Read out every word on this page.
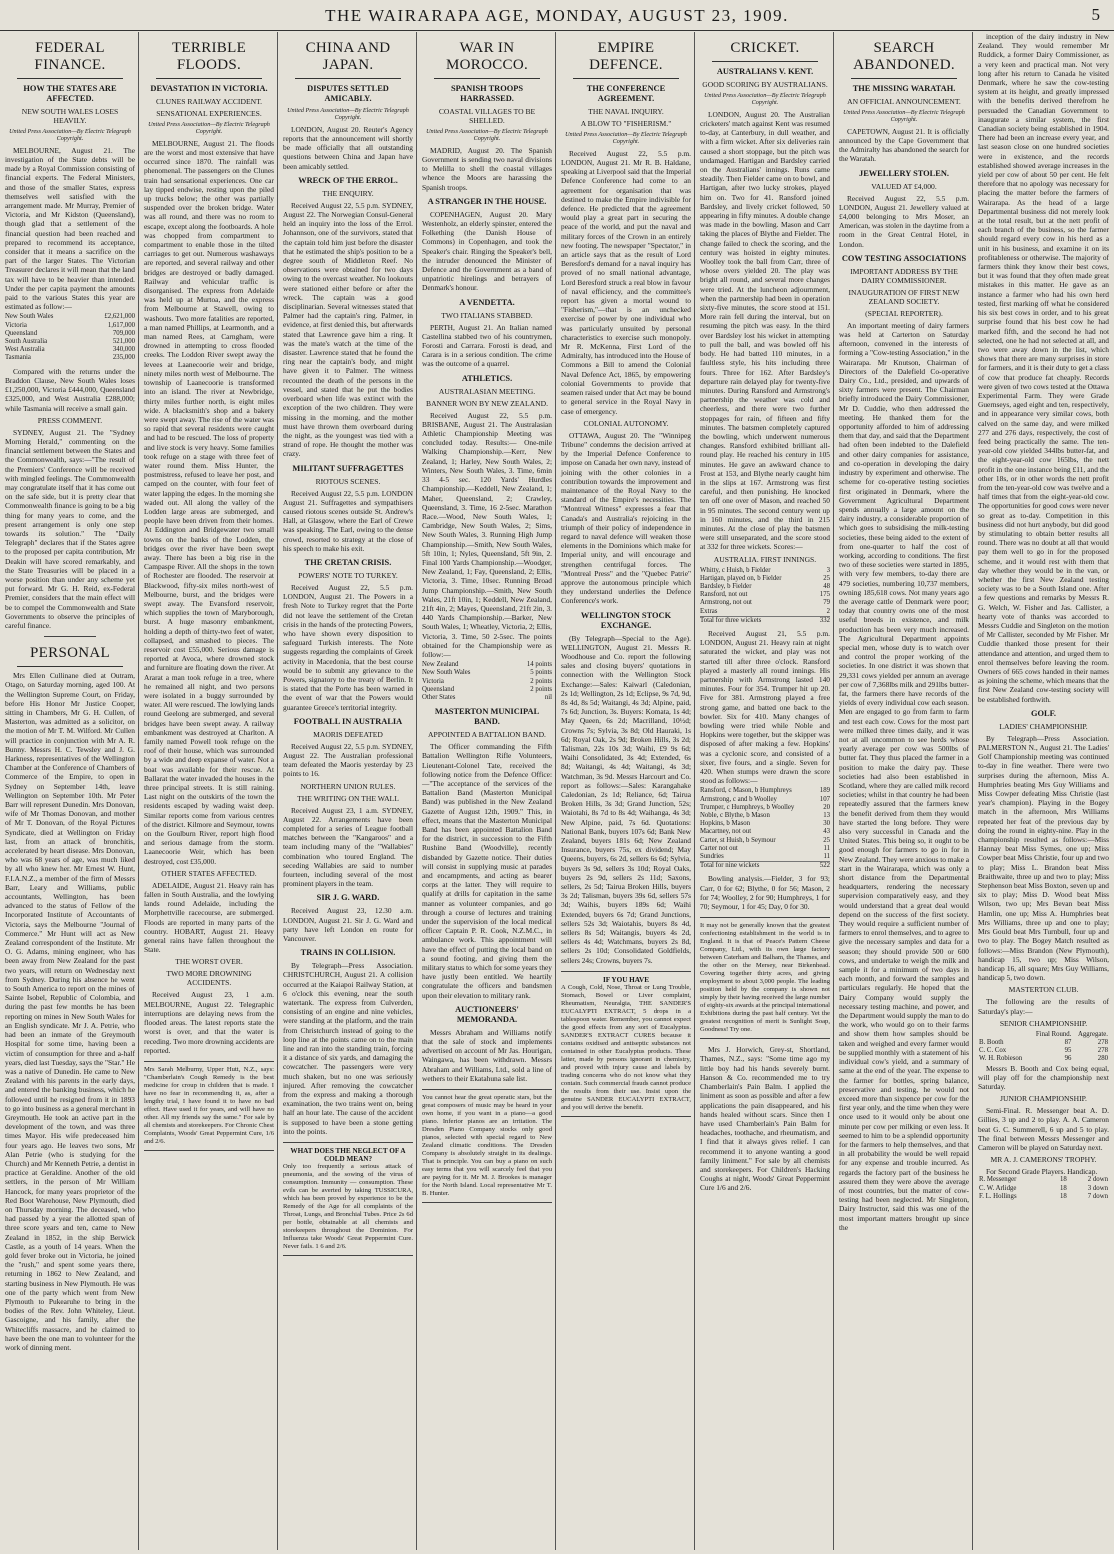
THE WAIRARAPA AGE, MONDAY, AUGUST 23, 1909.	5
FEDERAL FINANCE.
HOW THE STATES ARE AFFECTED.
NEW SOUTH WALES LOSES HEAVILY.
United Press Association—By Electric Telegraph Copyright.

MELBOURNE, August 21. The investigation of the State debts will be made by a Royal Commission consisting of financial experts. The Federal Ministers, and those of the smaller States, express themselves well satisfied with the arrangement made. Mr Murray, Premier of Victoria, and Mr Kidston (Queensland), though glad that a settlement of the financial question had been reached and prepared to recommend its acceptance, consider that it means a sacrifice on the part of the larger States. The Victorian Treasurer declares it will mean that the land tax will have to be heavier than intended. Under the per capita payment the amounts paid to the various States this year are estimated as follow:—

New South Wales	£2,621,000
Victoria	1,617,000
Queensland	709,000
South Australia	521,000
West Australia	340,000
Tasmania	235,000

Compared with the returns under the Braddon Clause, New South Wales loses £1,250,000, Victoria £444,000, Queensland £325,000, and West Australia £288,000; while Tasmania will receive a small gain.

PRESS COMMENT.

SYDNEY, August 21. The "Sydney Morning Herald," commenting on the financial settlement between the States and the Commonwealth, says:—"The result of the Premiers' Conference will be received with mingled feelings. The Commonwealth may congratulate itself that it has come out on the safe side, but it is pretty clear that Commonwealth finance is going to be a big thing for many years to come, and the present arrangement is only one step towards its solution." The "Daily Telegraph" declares that if the States agree to the proposed per capita contribution, Mr Deakin will have scored remarkably, and the State Treasuries will be placed in a worse position than under any scheme yet put forward. Mr G. H. Reid, ex-Federal Premier, considers that the main effect will be to compel the Commonwealth and State Governments to observe the principles of careful finance.

PERSONAL

Mrs Ellen Cullinane died at Outram, Otago, on Saturday morning, aged 100. At the Wellington Supreme Court, on Friday, before His Honor Mr Justice Cooper, sitting in Chambers, Mr G. H. Cullen, of Masterton, was admitted as a solicitor, on the motion of Mr T. M. Wilford. Mr Cullen will practice in conjunction with Mr A. R. Bunny. Messrs H. C. Tewsley and J. G. Harkness, representatives of the Wellington Chamber at the Conference of Chambers of Commerce of the Empire, to open in Sydney on September 14th, leave Wellington on September 10th. Mr Peter Barr will represent Dunedin. Mrs Donovan, wife of Mr Thomas Donovan, and mother of Mr T. Donovan, of the Royal Pictures Syndicate, died at Wellington on Friday last, from an attack of bronchitis, accelerated by heart disease. Mrs Donovan, who was 68 years of age, was much liked by all who knew her. Mr Ernest W. Hunt, F.I.A.N.Z., a member of the firm of Messrs Barr, Leary and Williams, public accountants, Wellington, has been advanced to the status of Fellow of the Incorporated Institute of Accountants of Victoria, says the Melbourne "Journal of Commerce." Mr Hunt will act as New Zealand correspondent of the Institute. Mr O. G. Adams, mining engineer, who has been away from New Zealand for the past two years, will return on Wednesday next from Sydney. During his absence he went to South America to report on the mines of Sainte Isobel, Republic of Colombia, and during the past few months he has been reporting on mines in New South Wales for an English syndicate. Mr J. A. Petrie, who had been an inmate of the Greymouth Hospital for some time, having been a victim of consumption for three and a-half years, died last Tuesday, says the "Star." He was a native of Dunedin. He came to New Zealand with his parents in the early days, and entered the banking business, which he followed until he resigned from it in 1893 to go into business as a general merchant in Greymouth. He took an active part in the development of the town, and was three times Mayor. His wife predeceased him four years ago. He leaves two sons, Mr Alan Petrie (who is studying for the Church) and Mr Kenneth Petrie, a dentist in practice at Geraldine. Another of the old settlers, in the person of Mr William Hancock, for many years proprietor of the Red Boot Warehouse, New Plymouth, died on Thursday morning. The deceased, who had passed by a year the allotted span of three score years and ten, came to New Zealand in 1852, in the ship Berwick Castle, as a youth of 14 years. When the gold fever broke out in Victoria, he joined the "rush," and spent some years there, returning in 1862 to New Zealand, and starting business in New Plymouth. He was one of the party which went from New Plymouth to Pukearuhe to bring in the bodies of the Rev. John Whiteley, Lieut. Gascoigne, and his family, after the Whitecliffs massacre, and he claimed to have been the one man to volunteer for the work of dinning ment.

TERRIBLE FLOODS.
DEVASTATION IN VICTORIA.
CLUNES RAILWAY ACCIDENT.
SENSATIONAL EXPERIENCES.
United Press Association—By Electric Telegraph Copyright.

MELBOURNE, August 21. The floods are the worst and most extensive that have occurred since 1870. The rainfall was phenomenal. The passengers on the Clunes train had sensational experiences. One car lay tipped endwise, resting upon the piled up trucks below; the other was partially suspended over the broken bridge. Water was all round, and there was no room to escape, except along the footboards. A hole was chopped from compartment to compartment to enable those in the tilted carriages to get out. Numerous washaways are reported, and several railway and other bridges are destroyed or badly damaged. Railway and vehicular traffic is disorganised. The express from Adelaide was held up at Murtoa, and the express from Melbourne at Stawell, owing to washouts. Two more fatalities are reported, a man named Phillips, at Learmonth, and a man named Rees, at Carngham, were drowned in attempting to cross flooded creeks. The Loddon River swept away the levees at Laanecoorie weir and bridge, ninety miles north west of Melbourne. The township of Laanecoorie is transformed into an island. The river at Newbridge, thirty miles further north, is eight miles wide. A blacksmith's shop and a bakery were swept away. The rise of the water was so rapid that several residents were caught and had to be rescued. The loss of property and live stock is very heavy. Some families took refuge on a stage with three feet of water round them. Miss Hunter, the postmistress, refused to leave her post, and camped on the counter, with four feet of water lapping the edges. In the morning she waded out. All along the valley of the Lodden large areas are submerged, and people have been driven from their homes. At Eddington and Bridgewater two small towns on the banks of the Lodden, the bridges over the river have been swept away. There has been a big rise in the Campaspe River. All the shops in the town of Rochester are flooded. The reservoir at Blackwood, fifty-six miles north-west of Melbourne, burst, and the bridges were swept away. The Evansford reservoir, which supplies the town of Maryborough, burst. A huge masonry embankment, holding a depth of thirty-two feet of water, collapsed, and smashed to pieces. The reservoir cost £55,000. Serious damage is reported at Avoca, where drowned stock and furniture are floating down the river. At Ararat a man took refuge in a tree, where he remained all night, and two persons were isolated in a buggy surrounded by water. All were rescued. The lowlying lands round Geelong are submerged, and several bridges have been swept away. A railway embankment was destroyed at Charlton. A family named Powell took refuge on the roof of their house, which was surrounded by a wide and deep expanse of water. Not a boat was available for their rescue. At Ballarat the water invaded the houses in the three principal streets. It is still raining. Last night on the outskirts of the town the residents escaped by wading waist deep. Similar reports come from various centres of the district. Kilmore and Seymour, towns on the Goulburn River, report high flood and serious damage from the storm. Laanecoorie Weir, which has been destroyed, cost £35,000.

OTHER STATES AFFECTED.

ADELAIDE, August 21. Heavy rain has fallen in South Australia, and the lowlying lands round Adelaide, including the Morphettville racecourse, are submerged. Floods are reported in many parts of the country. HOBART, August 21. Heavy general rains have fallen throughout the State.

THE WORST OVER.
TWO MORE DROWNING ACCIDENTS.

Received August 23, 1 a.m. MELBOURNE, August 22. Telegraphic interruptions are delaying news from the flooded areas. The latest reports state the worst is over, and that the water is receding. Two more drowning accidents are reported.

Mrs Sarah Melburny, Upper Hutt, N.Z., says: "Chamberlain's Cough Remedy is the best medicine for croup in children that is made. I have no fear in recommending it, as, after a lengthy trial, I have found it to have no bad effect. Have used it for years, and will have no other. All my friends say the same." For sale by all chemists and storekeepers. For Chronic Chest Complaints, Woods' Great Peppermint Cure, 1/6 and 2/6.
CHINA AND JAPAN.
DISPUTES SETTLED AMICABLY.
United Press Association—By Electric Telegraph Copyright.

LONDON, August 20. Reuter's Agency reports that the announcement will shortly be made officially that all outstanding questions between China and Japan have been amicably settled.

WRECK OF THE ERROL.
THE ENQUIRY.

Received August 22, 5.5 p.m. SYDNEY, August 22. The Norwegian Consul-General held an inquiry into the loss of the Errol. Johannson, one of the survivors, stated that the captain told him just before the disaster that he estimated the ship's position to be a degree south of Middleton Reef. No observations were obtained for two days owing to the overcast weather. No lookouts were stationed either before or after the wreck. The captain was a good disciplinarian. Several witnesses stated that Palmer had the captain's ring. Palmer, in evidence, at first denied this, but afterwards stated that Lawrence gave him a ring. It was the mate's watch at the time of the disaster. Lawrence stated that he found the ring near the captain's body, and might have given it to Palmer. The witness recounted the death of the persons in the vessel, and stated that he put the bodies overboard when life was extinct with the exception of the two children. They were missing in the morning, and the mother must have thrown them overboard during the night, as the youngest was tied with a strand of rope. He thought the mother was crazy.

MILITANT SUFFRAGETTES
RIOTOUS SCENES.

Received August 22, 5.5 p.m. LONDON August 21. Suffragettes and sympathisers caused riotous scenes outside St. Andrew's Hall, at Glasgow, where the Earl of Crewe was speaking. The Earl, owing to the dense crowd, resorted to strategy at the close of his speech to make his exit.

THE CRETAN CRISIS.
POWERS' NOTE TO TURKEY.

Received August 22, 5.5 p.m. LONDON, August 21. The Powers in a fresh Note to Turkey regret that the Porte did not leave the settlement of the Cretan crisis in the hands of the protecting Powers, who have shown every disposition to safeguard Turkish interests. The Note suggests regarding the complaints of Greek activity in Macedonia, that the best course would be to submit any grievance to the Powers, signatory to the treaty of Berlin. It is stated that the Porte has been warned in the event of war that the Powers would guarantee Greece's territorial integrity.

FOOTBALL IN AUSTRALIA
MAORIS DEFEATED

Received August 22, 5.5 p.m. SYDNEY, August 22. The Australian professional team defeated the Maoris yesterday by 23 points to 16.

NORTHERN UNION RULES.
THE WRITING ON THE WALL

Received August 23, 1 a.m. SYDNEY, August 22. Arrangements have been completed for a series of League football matches between the "Kangaroos" and a team including many of the "Wallabies" combination who toured England. The seceding Wallabies are said to number fourteen, including several of the most prominent players in the team.

SIR J. G. WARD.

Received August 23, 12.30 a.m. LONDON, August 21. Sir J. G. Ward and party have left London en route for Vancouver.

TRAINS IN COLLISION.

By Telegraph—Press Association. CHRISTCHURCH, August 21. A collision occurred at the Kaiapoi Railway Station, at 6 o'clock this evening, near the south watertank. The express from Culverden, consisting of an engine and nine vehicles, were standing at the platform, and the train from Christchurch instead of going to the loop line at the points came on to the main line and ran into the standing train, forcing it a distance of six yards, and damaging the cowcatcher. The passengers were very much shaken, but no one was seriously injured. After removing the cowcatcher from the express and making a thorough examination, the two trains went on, being half an hour late. The cause of the accident is supposed to have been a stone getting into the points.

WHAT DOES THE NEGLECT OF A COLD MEAN?
Only too frequently a serious attack of pneumonia, and the sowing of the virus of consumption. Immunity — consumption. These evils can be averted by taking TUSSICURA, which has been proved by experience to be the Remedy of the Age for all complaints of the Throat, Lungs, and Bronchial Tubes. Price 2s 6d per bottle, obtainable at all chemists and storekeepers throughout the Dominion. For Influenza take Woods' Great Peppermint Cure. Never fails. 1 6 and 2/6.
WAR IN MOROCCO.
SPANISH TROOPS HARRASSED.
COASTAL VILLAGES TO BE SHELLED.
United Press Association—By Electric Telegraph Copyright.

MADRID, August 20. The Spanish Government is sending two naval divisions to Melilla to shell the coastal villages whence the Moors are harassing the Spanish troops.

A STRANGER IN THE HOUSE.

COPENHAGEN, August 20. Mary Westenholz, an elderly spinster, entered the Folkething (the Danish House of Commons) in Copenhagen, and took the Speaker's chair. Ringing the Speaker's bell, the intruder denounced the Minister of Defence and the Government as a band of unpatriotic hirelings and betrayers of Denmark's honour.

A VENDETTA.
TWO ITALIANS STABBED.

PERTH, August 21. An Italian named Castellina stabbed two of his countrymen, Forosti and Carrara. Forosti is dead, and Carara is in a serious condition. The crime was the outcome of a quarrel.

ATHLETICS.
AUSTRALASIAN MEETING.
BANNER WON BY NEW ZEALAND.

Received August 22, 5.5 p.m. BRISBANE, August 21. The Australasian Athletic Championship Meeting was concluded today. Results:— One-mile Walking Championship.—Kerr, New Zealand, 1; Harley, New South Wales, 2; Winters, New South Wales, 3. Time, 6min 33 4-5 sec. 120 Yards' Hurdles Championship.—Keddell, New Zealand, 1; Maher, Queensland, 2; Crawley, Queensland, 3. Time, 16 2-5sec. Marathon Race.—Wood, New South Wales, 1; Cambridge, New South Wales, 2; Sims, New South Wales, 3. Running High Jump Championship.—Smith, New South Wales, 5ft 10in, 1; Nyles, Queensland, 5ft 9in, 2. Final 100 Yards Championship.—Woodger, New Zealand, 1; Fay, Queensland, 2; Ellis, Victoria, 3. Time, 10sec. Running Broad Jump Championship.—Smith, New South Wales, 21ft 10in, 1; Keddell, New Zealand, 21ft 4in, 2; Mayes, Queensland, 21ft 2in, 3. 440 Yards Championship.—Barker, New South Wales, 1; Wheatley, Victoria, 2; Ellis, Victoria, 3. Time, 50 2-5sec. The points obtained for the Championship were as follow:—

New Zealand	14 points
New South Wales	5 points
Victoria	2 points
Queensland	2 points
Other States	nil
MASTERTON MUNICIPAL BAND.
APPOINTED A BATTALION BAND.

The Officer commanding the Fifth Battalion Wellington Rifle Volunteers, Lieutenant-Colonel Tate, received the following notice from the Defence Office:—"The acceptance of the services of the Battalion Band (Masterton Municipal Band) was published in the New Zealand Gazette of August 12th, 1909." This, in effect, means that the Masterton Municipal Band has been appointed Battalion Band for the district, in succession to the Fifth Rushine Band (Woodville), recently disbanded by Gazette notice. Their duties will consist in supplying music at parades and encampments, and acting as bearer corps at the latter. They will require to qualify at drills for capitation in the same manner as volunteer companies, and go through a course of lectures and training under the supervision of the local medical officer Captain P. R. Cook, N.Z.M.C., in ambulance work. This appointment will have the effect of putting the local band on a sound footing, and giving them the military status to which for some years they have justly been entitled. We heartily congratulate the officers and bandsmen upon their elevation to military rank.

AUCTIONEERS' MEMORANDA.

Messrs Abraham and Williams notify that the sale of stock and implements advertised on account of Mr Jas. Hourigan, Waingawa, has been withdrawn. Messrs Abraham and Williams, Ltd., sold a line of wethers to their Ekatahuna sale list.

You cannot hear the great operatic stars, but the great composers of music may be heard in your own home, if you want in a piano—a good piano. Inferior pianos are an irritation. The Dresden Piano Company stocks only good pianos, selected with special regard to New Zealand climatic conditions. The Dresden Company is absolutely straight in its dealings. That is principle. You can buy a piano on such easy terms that you will scarcely feel that you are paying for it. Mr M. J. Brookes is manager for the North Island. Local representative Mr T. B. Hunter.
EMPIRE DEFENCE.
THE CONFERENCE AGREEMENT.
THE NAVAL INQUIRY.
A BLOW TO "FISHERISM."
United Press Association—By Electric Telegraph Copyright.

Received August 22, 5.5 p.m. LONDON, August 21. Mr R. B. Haldane, speaking at Liverpool said that the Imperial Defence Conference had come to an agreement for organisation that was destined to make the Empire indivisible for defence. He predicted that the agreement would play a great part in securing the peace of the world, and put the naval and military forces of the Crown in an entirely new footing. The newspaper "Spectator," in an article says that as the result of Lord Beresford's demand for a naval inquiry has proved of no small national advantage, Lord Beresford struck a real blow in favour of naval efficiency, and the committee's report has given a mortal wound to "Fisherism,"—that is an unchecked exercise of power by one individual who was particularly unsuited by personal characteristics to exercise such monopoly. Mr R. McKenna, First Lord of the Admiralty, has introduced into the House of Commons a Bill to amend the Colonial Naval Defence Act, 1865, by empowering colonial Governments to provide that seamen raised under that Act may be bound to general service in the Royal Navy in case of emergency.

COLONIAL AUTONOMY.

OTTAWA, August 20. The "Winnipeg Tribune" condemns the decision arrived at by the Imperial Defence Conference to impose on Canada her own navy, instead of joining with the other colonies in a contribution towards the improvement and maintenance of the Royal Navy to the standard of the Empire's necessities. The "Montreal Witness" expresses a fear that Canada's and Australia's rejoicing in the triumph of their policy of independence in regard to naval defence will weaken those elements in the Dominions which make for Imperial unity, and will encourage and strengthen centrifugal forces. The "Montreal Press" and the "Quebec Patrie" approve the autonomous principle which they understand underlies the Defence Conference's work.

WELLINGTON STOCK EXCHANGE.

(By Telegraph—Special to the Age). WELLINGTON, August 21. Messrs R. Woodhouse and Co. report the following sales and closing buyers' quotations in connection with the Wellington Stock Exchange:—Sales: Kaiwarl (Caledonian, 2s 1d; Wellington, 2s 1d; Eclipse, 9s 7d, 9d, 8s 4d, 8s 5d; Waitangi, 4s 3d; Alpine, paid, 7s 6d; Junction, 3s. Buyers: Komata, 1s 4d; May Queen, 6s 2d; Macrilland, 10½d; Crowns 7s; Sylvia, 3s 8d; Old Hauraki, 1s 6d; Royal Oak, 2s 9d; Broken Hills, 3s 2d; Talisman, 22s 10s 3d; Waihi, £9 9s 6d; Waihi Consolidated, 3s 4d; Extended, 6s 8d; Waitangi, 4s 4d; Waitangi, 4s 3d; Watchman, 3s 9d. Messrs Harcourt and Co. report as follows:—Sales: Karangahake Caledonian, 2s 1d; Reliance, 6d; Tairua Broken Hills, 3s 3d; Grand Junction, 52s; Waiotahi, 8s 7d to 8s 4d; Waihanga, 4s 3d; New Alpine, paid, 7s 6d. Quotations: National Bank, buyers 107s 6d; Bank New Zealand, buyers 181s 6d; New Zealand Insurance, buyers 75s, ex dividend; May Queens, buyers, 6s 2d, sellers 6s 6d; Sylvia, buyers 3s 9d, sellers 3s 10d; Royal Oaks, buyers 2s 9d, sellers 2s 11d; Saxons, sellers, 2s 5d; Tairua Broken Hills, buyers 3s 2d; Talisman, buyers 39s 6d, sellers 57s 3d; Waihis, buyers 189s 6d; Waihi Extended, buyers 6s 7d; Grand Junctions, sellers 52s 3d; Waiotahis, buyers 8s 4d, sellers 8s 5d; Waitangis, buyers 4s 2d, sellers 4s 4d; Watchmans, buyers 2s 8d, sellers 2s 10d; Consolidated Goldfields, sellers 24s; Crowns, buyers 7s.

IF YOU HAVE
A Cough, Cold, Nose, Throat or Lung Trouble, Stomach, Bowel or Liver complaint, Rheumatism, Neuralgia, THE SANDER'S EUCALYPTI EXTRACT, 5 drops in a tablespoon water. Remember, you cannot expect the good effects from any sort of Eucalyptus. SANDER'S EXTRACT CURES because it contains oxidised and antiseptic substances not contained in other Eucalyptus products. These latter, made by persons ignorant in chemistry, and proved with injury cause and labels by trading concerns who do not know what they contain. Such commercial frauds cannot produce the results from their use. Insist upon the genuine SANDER EUCALYPTI EXTRACT, and you will derive the benefit.
CRICKET.
AUSTRALIANS V. KENT.
GOOD SCORING BY AUSTRALIANS.
United Press Association—By Electric Telegraph Copyright.

LONDON, August 20. The Australian cricketers' match against Kent was resumed to-day, at Canterbury, in dull weather, and with a firm wicket. After six deliveries rain caused a short stoppage, but the pitch was undamaged. Hartigan and Bardsley carried on the Australians' innings. Runs came steadily. Then Fielder came on to bowl, and Hartigan, after two lucky strokes, played him on. Two for 41. Ransford joined Bardsley, and lively cricket followed, 50 appearing in fifty minutes. A double change was made in the bowling. Mason and Carr taking the places of Blythe and Fielder. The change failed to check the scoring, and the century was hoisted in eighty minutes. Woolley took the ball from Carr, three of whose overs yielded 20. The play was bright all round, and several more changes were tried. At the luncheon adjournment, when the partnership had been in operation sixty-five minutes, the score stood at 151. More rain fell during the interval, but on resuming the pitch was easy. In the third over Bardsley lost his wicket in attempting to pull the ball, and was bowled off his body. He had batted 110 minutes, in a faultless style, his hits including three fours. Three for 162. After Bardsley's departure rain delayed play for twenty-five minutes. During Ransford and Armstrong's partnership the weather was cold and cheerless, and there were two further stoppages for rain, of fifteen and fifty minutes. The batsmen completely captured the bowling, which underwent numerous changes. Ransford exhibited brilliant all-round play. He reached his century in 105 minutes. He gave an awkward chance to Frost at 153, and Blythe nearly caught him in the slips at 167. Armstrong was first careful, and then punishing. He knocked ten off one over of Mason, and reached 50 in 95 minutes. The second century went up in 160 minutes, and the third in 215 minutes. At the close of play the batsmen were still unseparated, and the score stood at 332 for three wickets. Scores:—

AUSTRALIA. FIRST INNINGS.
Whitty, c Huish, b Fielder	3
Hartigan, played on, b Fielder	25
Bardsley, b Fielder	48
Ransford, not out	175
Armstrong, not out	79
Extras	2
Total for three wickets	332

Received August 21, 5.5 p.m. LONDON, August 21. Heavy rain at night saturated the wicket, and play was not started till after three o'clock. Ransford played a masterly all round innings. His partnership with Armstrong lasted 140 minutes. Four for 354. Trumper hit up 20. Five for 381. Armstrong played a free strong game, and batted one back to the bowler. Six for 410. Many changes of bowling were tried while Noble and Hopkins were together, but the skipper was disposed of after making a few. Hopkins' was a cyclonic score, and consisted of a sixer, five fours, and a single. Seven for 420. When stumps were drawn the score stood as follows:—

Ransford, c Mason, b Humphreys	189
Armstrong, c and b Woolley	107
Trumper, c Humphreys, b Woolley	20
Noble, c Blythe, b Mason	13
Hopkins, b Mason	30
Macartney, not out	43
Carter, st Huish, b Seymour	25
Carter not out	11
Sundries	11
Total for nine wickets	522

Bowling analysis.—Fielder, 3 for 93; Carr, 0 for 62; Blythe, 0 for 56; Mason, 2 for 74; Woolley, 2 for 90; Humphreys, 1 for 70; Seymour, 1 for 45; Day, 0 for 30.

It may not be generally known that the greatest confectioning establishment in the world is in England. It is that of Peace's Pattern Cheese Company, Ltd., with its own large factory between Caterham and Balham, the Thames, and the other on the Mersey, near Birkenhead. Covering together thirty acres, and giving employment to about 3,000 people. The leading position held by the company is shown not simply by their having received the large number of eighty-six awards at the principal international Exhibitions during the past half century. Yet the greatest recognition of merit is Sunlight Soap, Goodness! Try one.

Mrs J. Horwich, Grey-st, Shortland, Thames, N.Z., says: "Some time ago my little boy had his hands severely burnt. Hanson & Co. recommended me to try Chamberlain's Pain Balm. I applied the liniment as soon as possible and after a few applications the pain disappeared, and his hands healed without scars. Since then I have used Chamberlain's Pain Balm for headaches, toothache, and rheumatism, and I find that it always gives relief. I can recommend it to anyone wanting a good family liniment." For sale by all chemists and storekeepers. For Children's Hacking Coughs at night, Woods' Great Peppermint Cure 1/6 and 2/6.

SEARCH ABANDONED.
THE MISSING WARATAH.
AN OFFICIAL ANNOUNCEMENT.
United Press Association—By Electric Telegraph Copyright.

CAPETOWN, August 21. It is officially announced by the Cape Government that the Admiralty has abandoned the search for the Waratah.

JEWELLERY STOLEN.
VALUED AT £4,000.

Received August 22, 5.5 p.m. LONDON, August 21. Jewellery valued at £4,000 belonging to Mrs Moser, an American, was stolen in the daytime from a room in the Great Central Hotel, in London.

COW TESTING ASSOCIATIONS
IMPORTANT ADDRESS BY THE DAIRY COMMISSIONER.
INAUGURATION OF FIRST NEW ZEALAND SOCIETY.
(SPECIAL REPORTER).

An important meeting of dairy farmers was held at Carterton on Saturday afternoon, convened in the interests of forming a "Cow-testing Association," in the Wairarapa. Mr Knutson, Chairman of Directors of the Dalefield Co-operative Dairy Co., Ltd., presided, and upwards of sixty farmers were present. The Chairman briefly introduced the Dairy Commissioner, Mr D. Cuddie, who then addressed the meeting. He thanked them for the opportunity afforded to him of addressing them that day, and said that the Department had often been indebted to the Dalefield and other dairy companies for assistance, and co-operation in developing the dairy industry by experiment and otherwise. The scheme for co-operative testing societies first originated in Denmark, where the Government Agricultural Department spends annually a large amount on the dairy industry, a considerable proportion of which goes to subsidising the milk-testing societies, these being aided to the extent of from one-quarter to half the cost of working, according to conditions. The first two of these societies were started in 1895, with very few members, to-day there are 479 societies, numbering 10,737 members, owning 185,618 cows. Not many years ago the average cattle of Denmark were poor; today that country owns one of the most useful breeds in existence, and milk production has been very much increased. The Agricultural Department appoints special men, whose duty is to watch over and control the proper working of the societies. In one district it was shown that 29,331 cows yielded per annum an average per cow of 7,368lbs milk and 291lbs butter-fat, the farmers there have records of the yields of every individual cow each season. Men are engaged to go from farm to farm and test each cow. Cows for the most part were milked three times daily, and it was not at all uncommon to see herds whose yearly average per cow was 500lbs of butter fat. They thus placed the farmer in a position to make the dairy pay. These societies had also been established in Scotland, where they are called milk record societies; whilst in that country he had been repeatedly assured that the farmers knew the benefit derived from them they would have started the long before. They were also very successful in Canada and the United States. This being so, it ought to be good enough for farmers to go in for in New Zealand. They were anxious to make a start in the Wairarapa, which was only a short distance from the Departmental headquarters, rendering the necessary supervision comparatively easy, and they would understand that a great deal would depend on the success of the first society. They would require a sufficient number of farmers to enrol themselves, and to agree to give the necessary samples and data for a season; they should provide 500 or 600 cows, and undertake to weigh the milk and sample it for a minimum of two days in each month, and forward the samples and particulars regularly. He hoped that the Dairy Company would supply the necessary testing machine, and power, and the Department would supply the man to do the work, who would go on to their farms and show them how samples should be taken and weighed and every farmer would be supplied monthly with a statement of his individual cow's yield, and a summary of same at the end of the year. The expense to the farmer for bottles, spring balance, preservative and testing, he would not exceed more than sixpence per cow for the first year only, and the time when they were once used to it would only be about one minute per cow per milking or even less. It seemed to him to be a splendid opportunity for the farmers to help themselves, and that in all probability the would be well repaid for any expense and trouble incurred. As regards the factory part of the business he assured them they were above the average of most countries, but the matter of cow-testing had been neglected. Mr Singleton, Dairy Instructor, said this was one of the most important matters brought up since the

inception of the dairy industry in New Zealand. They would remember Mr Ruddick, a former Dairy Commissioner, as a very keen and practical man. Not very long after his return to Canada he visited Denmark, where he saw the cow-testing system at its height, and greatly impressed with the benefits derived therefrom he persuaded the Canadian Government to inaugurate a similar system, the first Canadian society being established in 1904. There had been an increase every year, and last season close on one hundred societies were in existence, and the records established showed average increases in the yield per cow of about 50 per cent. He felt therefore that no apology was necessary for placing the matter before the farmers of Wairarapa. As the head of a large Departmental business did not merely look at the total result, but at the nett profit of each branch of the business, so the farmer should regard every cow in his herd as a unit in his business, and examine it on its profitableness or otherwise. The majority of farmers think they know their best cows, but it was found that they often made great mistakes in this matter. He gave as an instance a farmer who had his own herd tested, first marking off what he considered his six best cows in order, and to his great surprise found that his best cow he had marked fifth, and the second he had not selected, one he had not selected at all, and two were away down in the list, which shows that there are many surprises in store for farmers, and it is their duty to get a class of cow that produce fat cheaply. Records were given of two cows tested at the Ottawa Experimental Farm. They were Grade Guernseys, aged eight and ten, respectively, and in appearance very similar cows, both calved on the same day, and were milked 277 and 276 days, respectively, the cost of feed being practically the same. The ten-year-old cow yielded 344lbs butter-fat, and the eight-year-old cow 165lbs, the nett profit in the one instance being £11, and the other 18s, or in other words the nett profit from the ten-year-old cow was twelve and a half times that from the eight-year-old cow. The opportunities for good cows were never so great as to-day. Competition in this business did not hurt anybody, but did good by stimulating to obtain better results all round. There was no doubt at all that would pay them well to go in for the proposed scheme, and it would rest with them that day whether they would be in the van, or whether the first New Zealand testing society was to be a South Island one. After a few questions and remarks by Messrs R. G. Welch, W. Fisher and Jas. Callister, a hearty vote of thanks was accorded to Messrs Cuddie and Singleton on the motion of Mr Callister, seconded by Mr Fisher. Mr Cuddie thanked those present for their attendance and attention, and urged them to enrol themselves before leaving the room. Owners of 665 cows handed in their names as joining the scheme, which means that the first New Zealand cow-testing society will be established forthwith.

GOLF.
LADIES' CHAMPIONSHIP.

By Telegraph—Press Association. PALMERSTON N., August 21. The Ladies' Golf Championship meeting was continued to-day in fine weather. There were two surprises during the afternoon, Miss A. Humphries beating Mrs Guy Williams and Miss Cowper defeating Miss Christie (last year's champion). Playing in the Bogey match in the afternoon, Mrs Williams repeated her feat of the previous day by doing the round in eighty-nine. Play in the championship resulted as follows:—Miss Hannay beat Miss Symes, one up; Miss Cowper beat Miss Christie, four up and two to play; Miss L. Brandon beat Miss Braithwaite, three up and two to play; Miss Stephenson beat Miss Boxton, seven up and six to play; Miss D. Wood beat Miss Wilson, two up; Mrs Bevan beat Miss Hamlin, one up; Miss A. Humphries beat Mrs Williams, three up and one to play; Mrs Gould beat Mrs Turnbull, four up and two to play. The Bogey Match resulted as follows:—Miss Brandon (New Plymouth), handicap 15, two up; Miss Wilson, handicap 16, all square; Mrs Guy Williams, handicap 5, two down.

MASTERTON CLUB.

The following are the results of Saturday's play:—

SENIOR CHAMPIONSHIP.
	Final Round.	Aggregate.
B. Booth	87	278
C. C. Cox	95	278
W. H. Robieson	96	280

Messrs B. Booth and Cox being equal, will play off for the championship next Saturday.

JUNIOR CHAMPIONSHIP.

Semi-Final. R. Messenger beat A. D. Gillies, 3 up and 2 to play. A. A. Cameron beat G. C. Summerell, 6 up and 5 to play. The final between Messrs Messenger and Cameron will be played on Saturday next.

MR A. J. CAMERONS' TROPHY.

For Second Grade Players. Handicap.

R. Messenger	18	2 down
C. W. Arlidge	18	3 down
F. L. Hollings	18	7 down
